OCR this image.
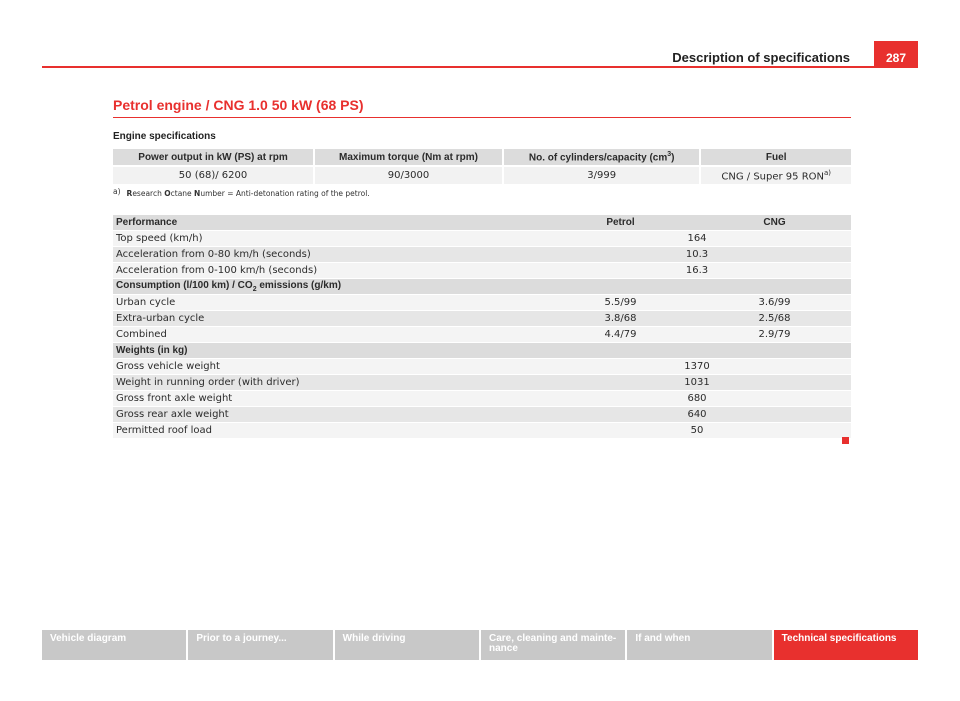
Description of specifications	287
Petrol engine / CNG 1.0 50 kW (68 PS)
Engine specifications
Power output in kW (PS) at rpm	Maximum torque (Nm at rpm)	No. of cylinders/capacity $(cm^3)$	Fuel
50 (68)/ 6200	90/3000	3/999	CNG / Super 95 RON$^{a)}$
a) Research Octane Number = Anti-detonation rating of the petrol.
Performance	Petrol	CNG
Top speed (km/h)	164	
Acceleration from 0-80 km/h (seconds)	10.3	
Acceleration from 0-100 km/h (seconds)	16.3	
Consumption (l/100 $km) / CO_2$ emissions (g/km)		
Urban cycle	5.5/99	3.6/99
Extra-urban cycle	3.8/68	2.5/68
Combined	4.4/79	2.9/79
Weights (in kg)		
Gross vehicle weight	1370	
Weight in running order (with driver)	1031	
Gross front axle weight	680	
Gross rear axle weight	640	
Permitted roof load	50	
Vehicle diagram	Prior to a journey...	While driving	Care, cleaning and mainte-
nance
If and when	Technical specifications
